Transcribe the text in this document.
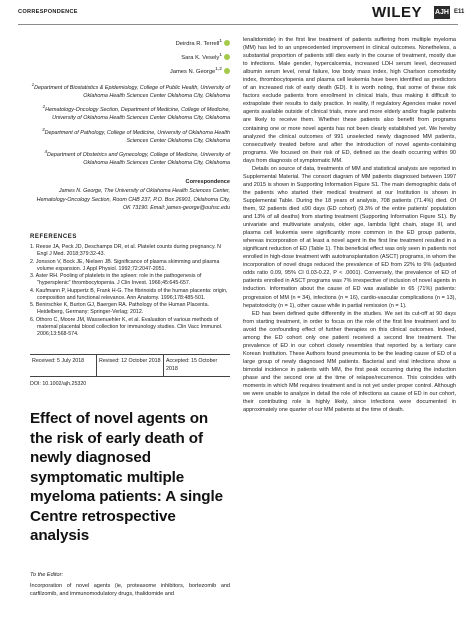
CORRESPONDENCE	WILEY AJH E11
Deirdra R. Terrell$^1$
Sara K. Vesely$^1$
James N. George$^{1,2}$
$^1$Department of Biostatistics & Epidemiology, College of Public Health, University of Oklahoma Health Sciences Center Oklahoma City, Oklahoma
$^2$Hematology-Oncology Section, Department of Medicine, College of Medicine, University of Oklahoma Health Sciences Center Oklahoma City, Oklahoma
$^3$Department of Pathology, College of Medicine, University of Oklahoma Health Sciences Center Oklahoma City, Oklahoma
$^4$Department of Obstetrics and Gynecology, College of Medicine, University of Oklahoma Health Sciences Center Oklahoma City, Oklahoma
Correspondence
James N. George, The University of Oklahoma Health Sciences Center, Hematology-Oncology Section, Room CHB 237, P.O. Box 26901, Oklahoma City, OK 73190. Email: james-george@ouhsc.edu
REFERENCES
1. Reese JA, Peck JD, Deschamps DR, et al. Platelet counts during pregnancy. N Engl J Med. 2018;379:32-43.
2. Jonsson V, Bock JE, Nielsen JB. Significance of plasma skimming and plasma volume expansion. J Appl Physiol. 1992;72:2047-2051.
3. Aster RH. Pooling of platelets in the spleen: role in the pathogenesis of "hypersplenic" thrombocytopenia. J Clin Invest. 1966;45:645-657.
4. Kaufmann P, Huppertz B, Frank H-G. The fibrinoids of the human placenta: origin, composition and functional relevance. Ann Anatomy. 1996;178:485-501.
5. Benirschke K, Burton GJ, Baergen RA. Pathology of the Human Placenta. Heidelberg, Germany: Springer-Verlag; 2012.
6. Othoro C, Moore JM, Wassenuehler K, et al. Evaluation of various methods of maternal placental blood collection for immunology studies. Clin Vacc Immunol. 2006;13:568-574.
Received: 5 July 2018	Revised: 12 October 2018	Accepted: 15 October 2018
DOI: 10.1002/ajh.25320
Effect of novel agents on the risk of early death of newly diagnosed symptomatic multiple myeloma patients: A single Centre retrospective analysis
To the Editor:
Incorporation of novel agents (ie, proteasome inhibitors, bortezomib and carfilzomib, and immunomodulatory drugs, thalidomide and

lenalidomide) in the first line treatment of patients suffering from multiple myeloma (MM) has led to an unprecedented improvement in clinical outcomes. Nonetheless, a substantial proportion of patients still dies early in the course of treatment, mostly due to infections. Male gender, hypercalcemia, increased LDH serum level, decreased albumin serum level, renal failure, low body mass index, high Charlson comorbidity index, thrombocytopenia and plasma cell leukemia have been identified as predictors of an increased risk of early death (ED). It is worth noting, that some of these risk factors exclude patients from enrollment in clinical trials, thus making it difficult to extrapolate their results to daily practice. In reality, if regulatory Agencies make novel agents available outside of clinical trials, more and more elderly and/or fragile patients are likely to receive them. Whether these patients also benefit from programs containing one or more novel agents has not been clearly established yet. We hereby analyzed the clinical outcomes of 991 unselected newly diagnosed MM patients, consecutively treated before and after the introduction of novel agents-containing programs. We focused on their risk of ED, defined as the death occurring within 90 days from diagnosis of symptomatic MM.

Details on source of data, treatments of MM and statistical analysis are reported in Supplemental Material. The consort diagram of MM patients diagnosed between 1997 and 2015 is shown in Supporting Information Figure S1. The main demographic data of the patients who started their medical treatment at our Institution is shown in Supplemental Table. During the 18 years of analysis, 708 patients (71.4%) died. Of them, 92 patients died ≤90 days (ED cohort) (9.3% of the entire patients' population and 13% of all deaths) from starting treatment (Supporting Information Figure S1). By univariate and multivariate analysis, older age, lambda light chain, stage III, and plasma cell leukemia were significantly more common in the ED group patients, whereas incorporation of at least a novel agent in the first line treatment resulted in a significant reduction of ED (Table 1). This beneficial effect was only seen in patients not enrolled in high-dose treatment with autotransplantation (ASCT) programs, in whom the incorporation of novel drugs reduced the prevalence of ED from 22% to 9% (adjusted odds ratio 0.09, 95% CI 0.03-0.22, P < .0001). Conversely, the prevalence of ED of patients enrolled in ASCT programs was 7% irrespective of inclusion of novel agents in induction. Information about the cause of ED was available in 65 (71%) patients: progression of MM (n = 34), infections (n = 16), cardio-vascular complications (n = 13), hepatotoxicity (n = 1), other cause while in partial remission (n = 1).

ED has been defined quite differently in the studies. We set its cut-off at 90 days from starting treatment, in order to focus on the role of the first line treatment and to avoid the confounding effect of further therapies on this clinical outcomes. Indeed, among the ED cohort only one patient received a second line treatment. The prevalence of ED in our cohort closely resembles that reported by a tertiary care Korean Institution. These Authors found pneumonia to be the leading cause of ED of a large group of newly diagnosed MM patients. Bacterial and viral infections show a bimodal incidence in patients with MM, the first peak occurring during the induction phase and the second one at the time of relapse/recurrence. This coincides with moments in which MM requires treatment and is not yet under proper control. Although we were unable to analyze in detail the role of infections as cause of ED in our cohort, their contributing role is highly likely, since infections were documented in approximately one quarter of our MM patients at the time of death.
